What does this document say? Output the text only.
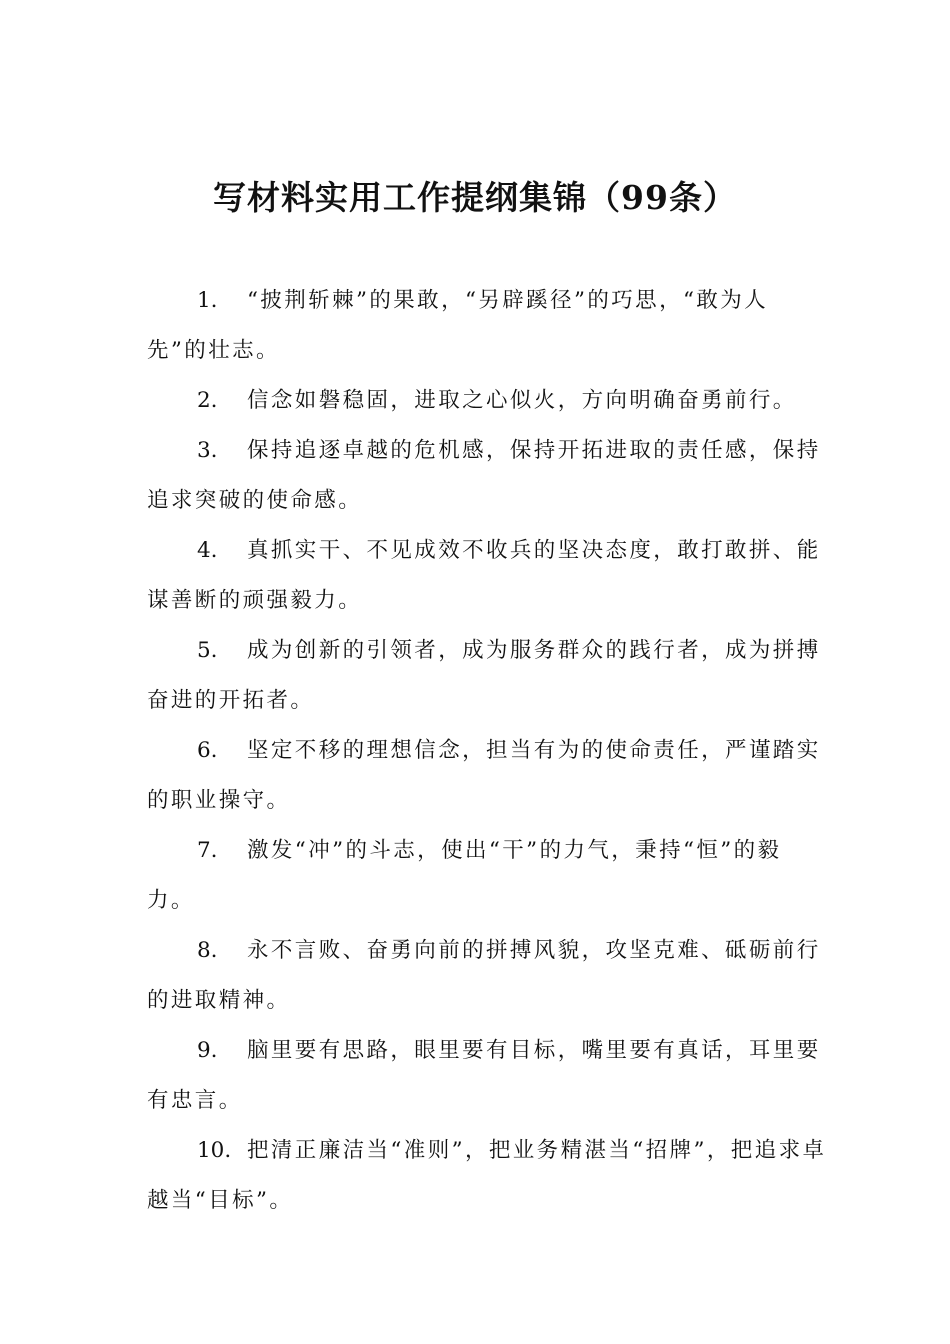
写材料实用工作提纲集锦（99条）

1. “披荆斩棘”的果敢，“另辟蹊径”的巧思，“敢为人先”的壮志。

2. 信念如磐稳固，进取之心似火，方向明确奋勇前行。

3. 保持追逐卓越的危机感，保持开拓进取的责任感，保持追求突破的使命感。

4. 真抓实干、不见成效不收兵的坚决态度，敢打敢拼、能谋善断的顽强毅力。

5. 成为创新的引领者，成为服务群众的践行者，成为拼搏奋进的开拓者。

6. 坚定不移的理想信念，担当有为的使命责任，严谨踏实的职业操守。

7. 激发“冲”的斗志，使出“干”的力气，秉持“恒”的毅力。

8. 永不言败、奋勇向前的拼搏风貌，攻坚克难、砥砺前行的进取精神。

9. 脑里要有思路，眼里要有目标，嘴里要有真话，耳里要有忠言。

10. 把清正廉洁当“准则”，把业务精湛当“招牌”，把追求卓越当“目标”。
